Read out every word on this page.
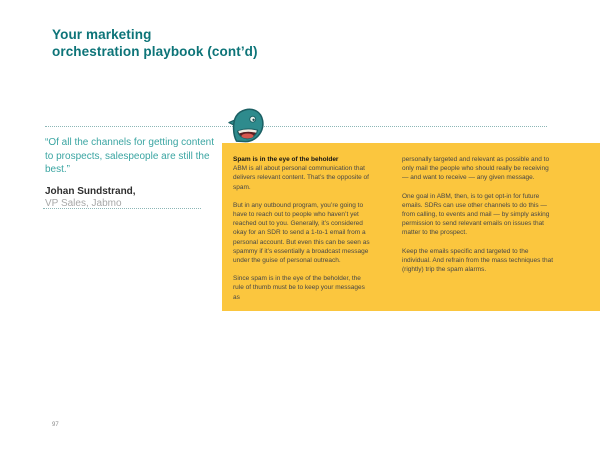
Your marketing
orchestration playbook (cont’d)

“Of all the channels for getting content to prospects, salespeople are still the best.”

Johan Sundstrand,
VP Sales, Jabmo
Spam is in the eye of the beholder

ABM is all about personal communication that delivers relevant content. That’s the opposite of spam.

But in any outbound program, you’re going to have to reach out to people who haven’t yet reached out to you. Generally, it’s considered okay for an SDR to send a 1-to-1 email from a personal account. But even this can be seen as spammy if it’s essentially a broadcast message under the guise of personal outreach.

Since spam is in the eye of the beholder, the rule of thumb must be to keep your messages as

personally targeted and relevant as possible and to only mail the people who should really be receiving — and want to receive — any given message.

One goal in ABM, then, is to get opt-in for future emails. SDRs can use other channels to do this — from calling, to events and mail — by simply asking permission to send relevant emails on issues that matter to the prospect.

Keep the emails specific and targeted to the individual. And refrain from the mass techniques that (rightly) trip the spam alarms.

97
